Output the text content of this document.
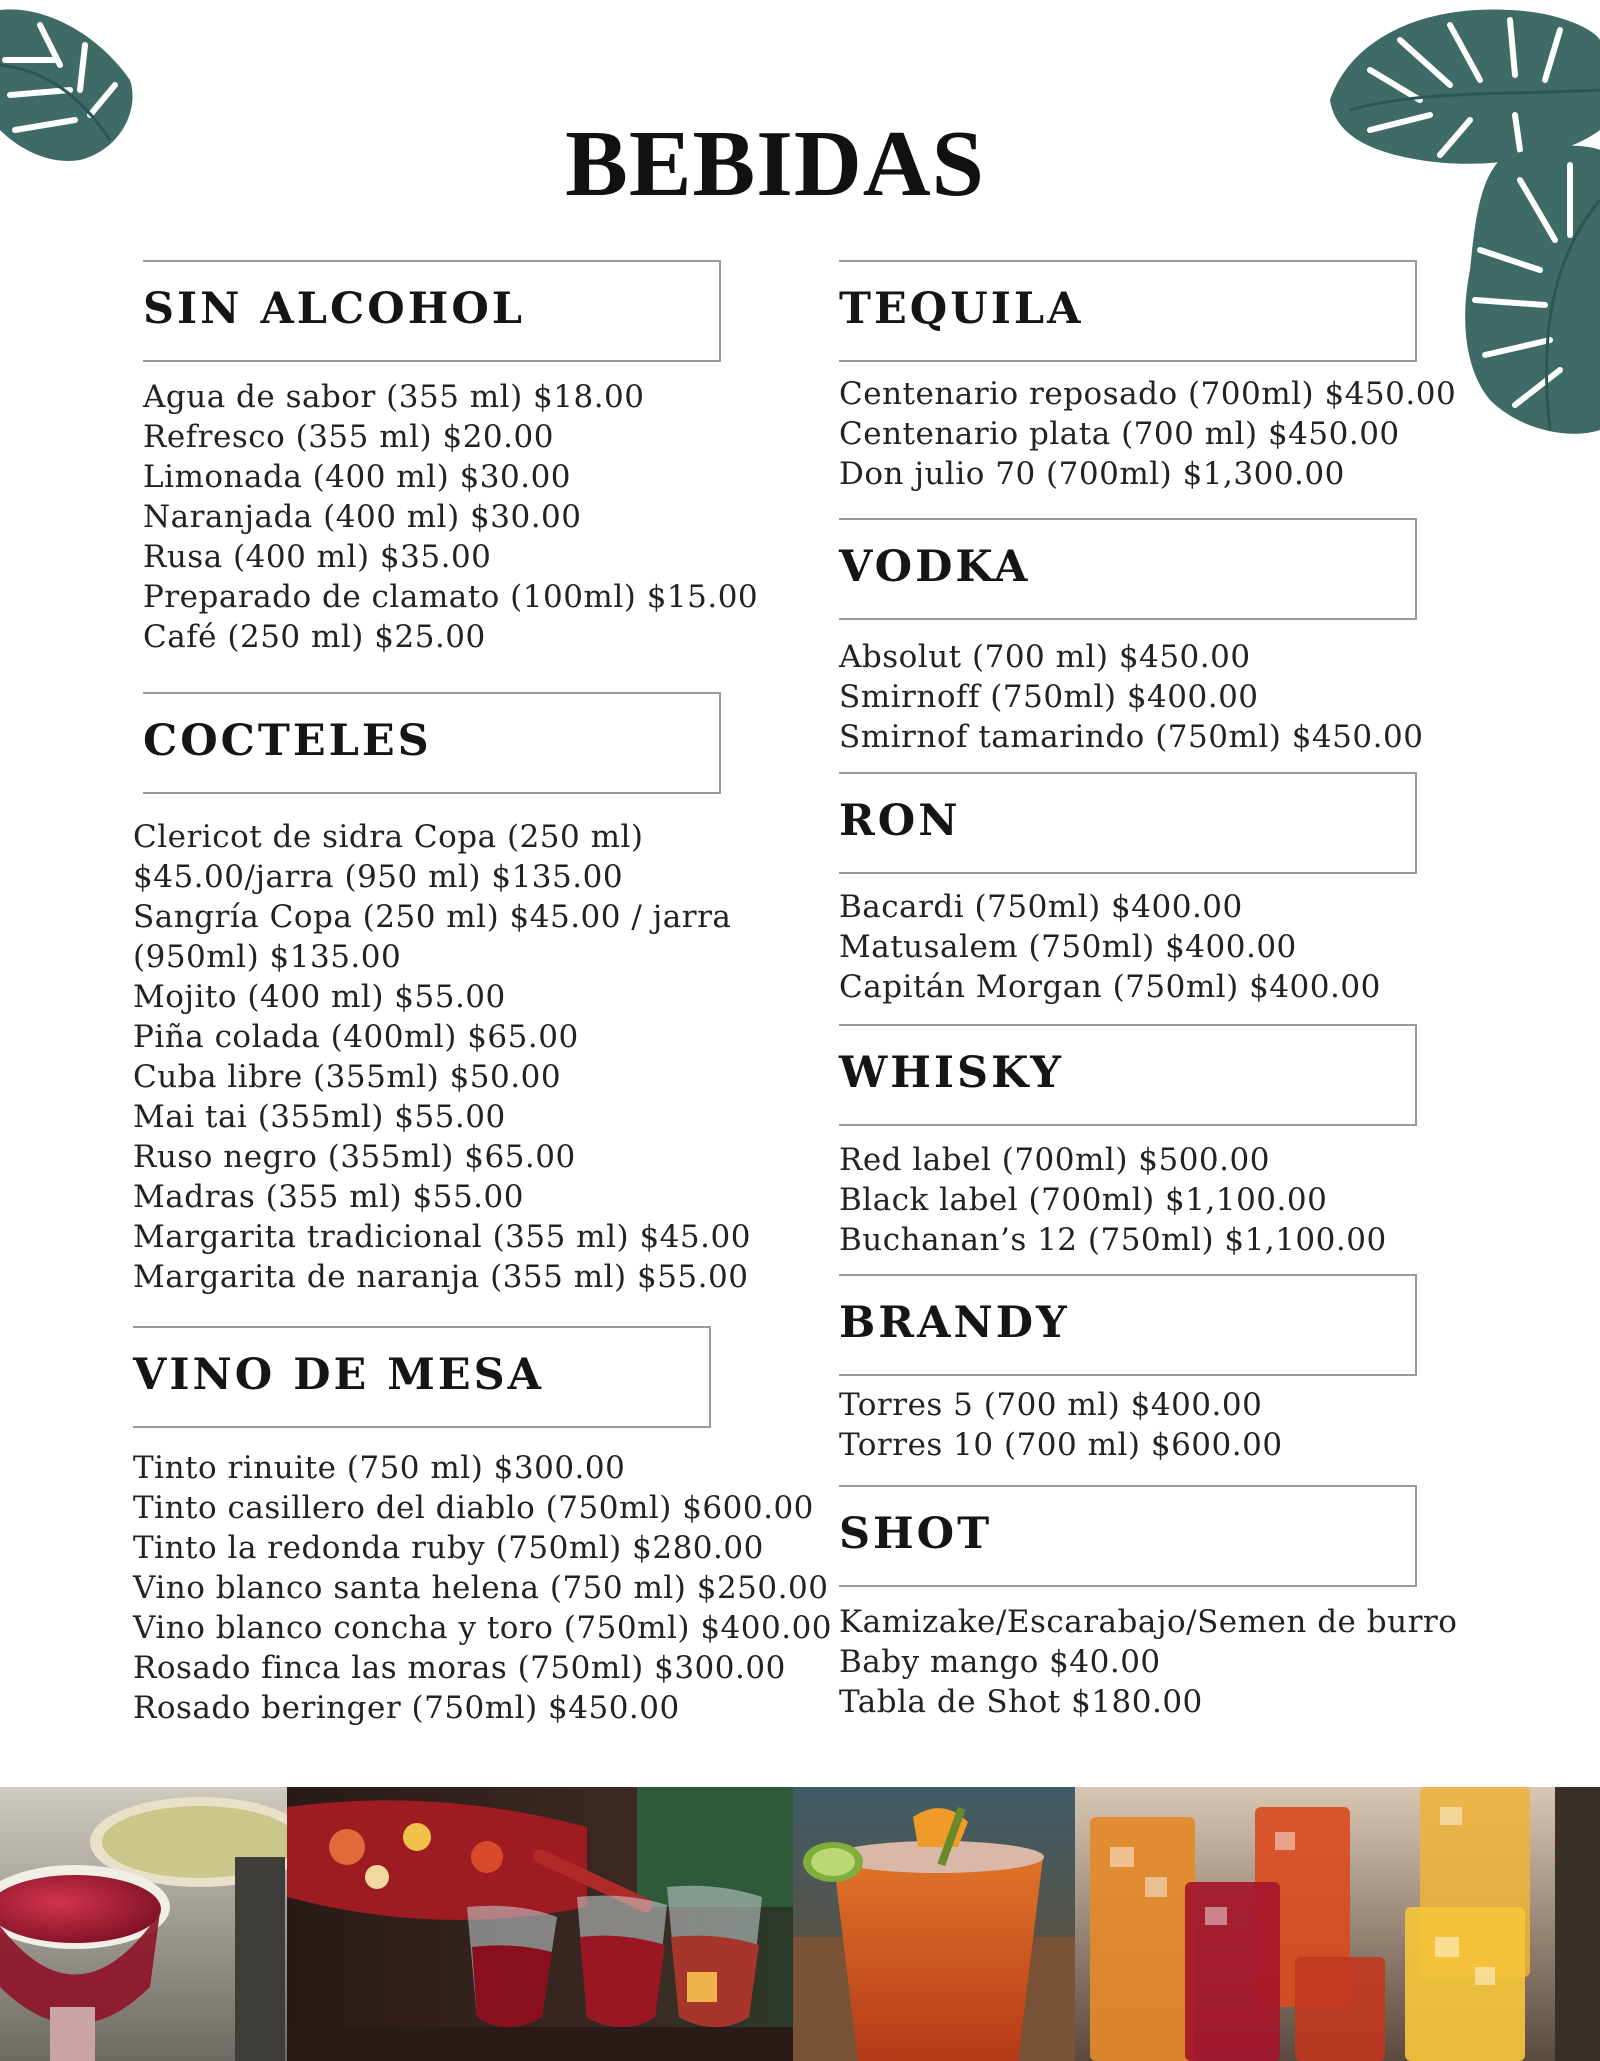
BEBIDAS
SIN ALCOHOL
Agua de sabor (355 ml) $18.00
Refresco (355 ml) $20.00
Limonada (400 ml) $30.00
Naranjada (400 ml) $30.00
Rusa (400 ml) $35.00
Preparado de clamato (100ml) $15.00
Café (250 ml) $25.00
COCTELES
Clericot de sidra Copa (250 ml)
$45.00/jarra (950 ml) $135.00
Sangría Copa (250 ml) $45.00 / jarra
(950ml) $135.00
Mojito (400 ml) $55.00
Piña colada (400ml) $65.00
Cuba libre (355ml) $50.00
Mai tai (355ml) $55.00
Ruso negro (355ml) $65.00
Madras (355 ml) $55.00
Margarita tradicional (355 ml) $45.00
Margarita de naranja (355 ml) $55.00
VINO DE MESA
Tinto rinuite (750 ml) $300.00
Tinto casillero del diablo (750ml) $600.00
Tinto la redonda ruby (750ml) $280.00
Vino blanco santa helena (750 ml) $250.00
Vino blanco concha y toro (750ml) $400.00
Rosado finca las moras (750ml) $300.00
Rosado beringer (750ml) $450.00
TEQUILA
Centenario reposado (700ml) $450.00
Centenario plata (700 ml) $450.00
Don julio 70 (700ml) $1,300.00
VODKA
Absolut (700 ml) $450.00
Smirnoff (750ml) $400.00
Smirnof tamarindo (750ml) $450.00
RON
Bacardi (750ml) $400.00
Matusalem (750ml) $400.00
Capitán Morgan (750ml) $400.00
WHISKY
Red label (700ml) $500.00
Black label (700ml) $1,100.00
Buchanan’s 12 (750ml) $1,100.00
BRANDY
Torres 5 (700 ml) $400.00
Torres 10 (700 ml) $600.00
SHOT
Kamizake/Escarabajo/Semen de burro
Baby mango $40.00
Tabla de Shot $180.00
